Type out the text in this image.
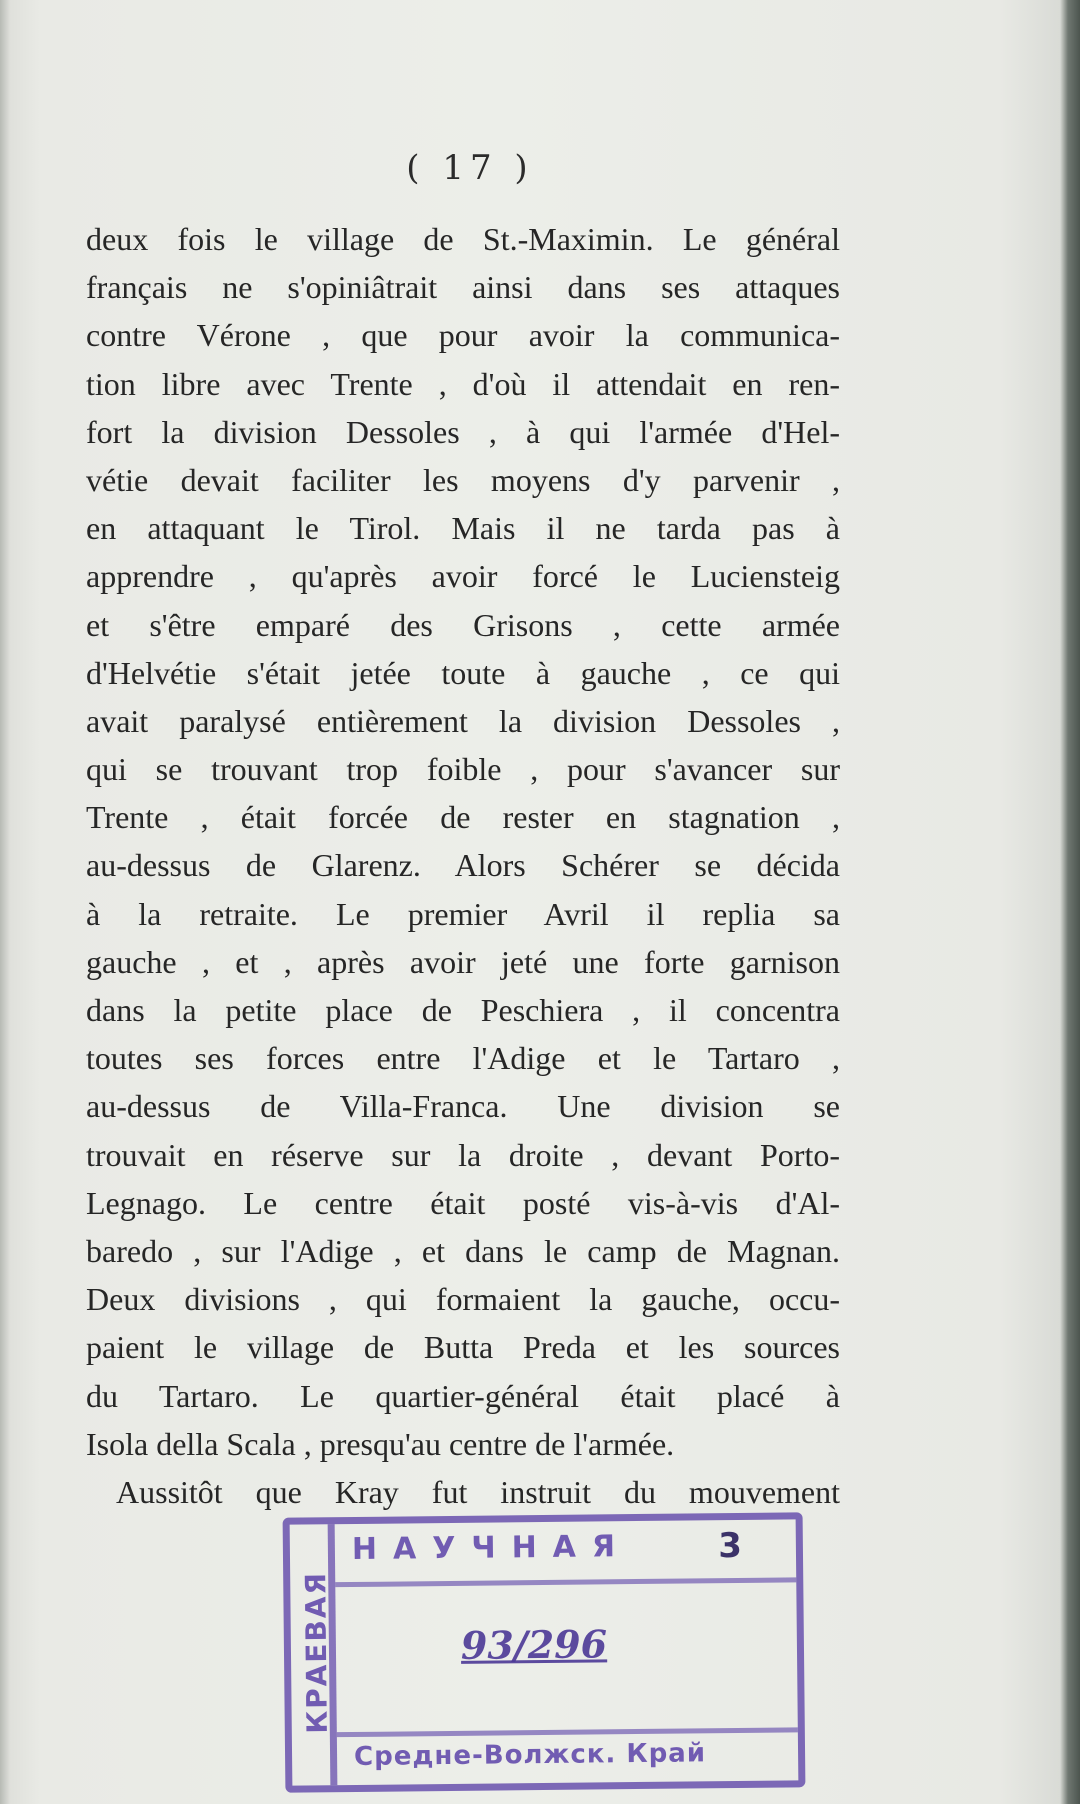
( 17 )
deux fois le village de St.-Maximin. Le général
français ne s'opiniâtrait ainsi dans ses attaques
contre Vérone , que pour avoir la communica-
tion libre avec Trente , d'où il attendait en ren-
fort la division Dessoles , à qui l'armée d'Hel-
vétie devait faciliter les moyens d'y parvenir ,
en attaquant le Tirol. Mais il ne tarda pas à
apprendre , qu'après avoir forcé le Luciensteig
et s'être emparé des Grisons , cette armée
d'Helvétie s'était jetée toute à gauche , ce qui
avait paralysé entièrement la division Dessoles ,
qui se trouvant trop foible , pour s'avancer sur
Trente , était forcée de rester en stagnation ,
au-dessus de Glarenz. Alors Schérer se décida
à la retraite. Le premier Avril il replia sa
gauche , et , après avoir jeté une forte garnison
dans la petite place de Peschiera , il concentra
toutes ses forces entre l'Adige et le Tartaro ,
au-dessus de Villa-Franca. Une division se
trouvait en réserve sur la droite , devant Porto-
Legnago. Le centre était posté vis-à-vis d'Al-
baredo , sur l'Adige , et dans le camp de Magnan.
Deux divisions , qui formaient la gauche, occu-
paient le village de Butta Preda et les sources
du Tartaro. Le quartier-général était placé à
Isola della Scala , presqu'au centre de l'armée.
Aussitôt que Kray fut instruit du mouvement
КРАЕВАЯ
НАУЧНАЯ	3
93/296
Средне-Волжск. Край
